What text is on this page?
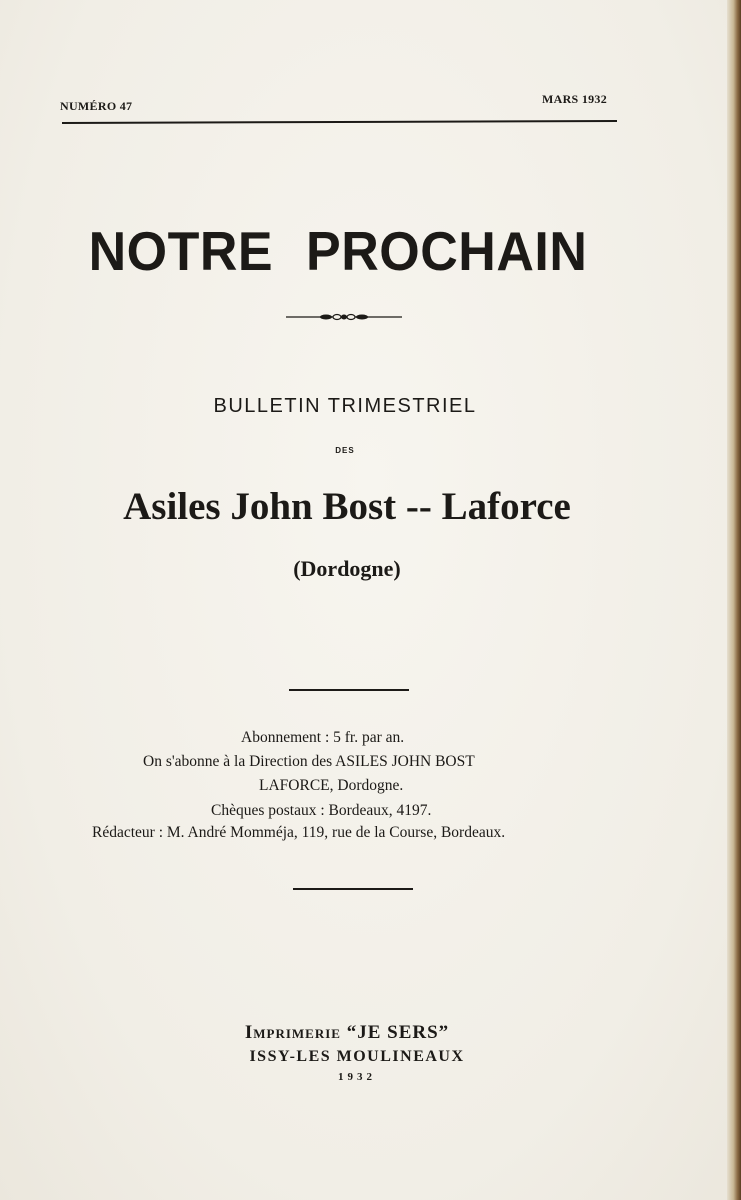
NUMÉRO 47	MARS 1932
NOTRE PROCHAIN
BULLETIN TRIMESTRIEL
DES
Asiles John Bost -- Laforce
(Dordogne)
Abonnement : 5 fr. par an.
On s'abonne à la Direction des ASILES JOHN BOST
LAFORCE, Dordogne.
Chèques postaux : Bordeaux, 4197.
Rédacteur : M. André Momméja, 119, rue de la Course, Bordeaux.
Imprimerie “JE SERS”
ISSY-LES MOULINEAUX
1932
